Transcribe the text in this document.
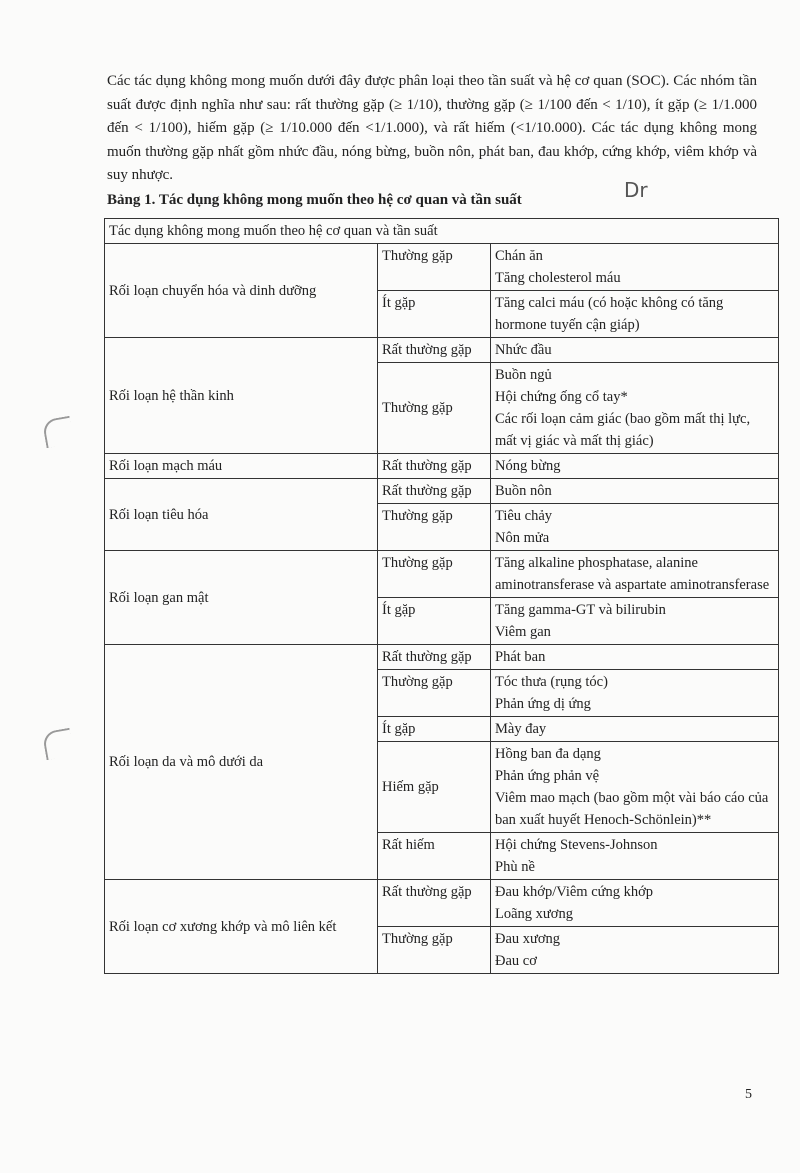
Các tác dụng không mong muốn dưới đây được phân loại theo tần suất và hệ cơ quan (SOC). Các nhóm tần suất được định nghĩa như sau: rất thường gặp (≥ 1/10), thường gặp (≥ 1/100 đến < 1/10), ít gặp (≥ 1/1.000 đến < 1/100), hiếm gặp (≥ 1/10.000 đến <1/1.000), và rất hiếm (<1/10.000). Các tác dụng không mong muốn thường gặp nhất gồm nhức đầu, nóng bừng, buồn nôn, phát ban, đau khớp, cứng khớp, viêm khớp và suy nhược.

Bảng 1. Tác dụng không mong muốn theo hệ cơ quan và tần suất	Dr
Tác dụng không mong muốn theo hệ cơ quan và tần suất		
Rối loạn chuyển hóa và dinh dưỡng	Thường gặp	Chán ăn
Tăng cholesterol máu

	Ít gặp	Tăng calci máu (có hoặc không có tăng hormone tuyến cận giáp)

Rối loạn hệ thần kinh	Rất thường gặp	Nhức đầu

	Thường gặp	Buồn ngủ
Hội chứng ống cổ tay*
Các rối loạn cảm giác (bao gồm mất thị lực, mất vị giác và mất thị giác)

Rối loạn mạch máu	Rất thường gặp	Nóng bừng

Rối loạn tiêu hóa	Rất thường gặp	Buồn nôn

	Thường gặp	Tiêu chảy
Nôn mửa

Rối loạn gan mật	Thường gặp	Tăng alkaline phosphatase, alanine aminotransferase và aspartate aminotransferase

	Ít gặp	Tăng gamma-GT và bilirubin
Viêm gan

Rối loạn da và mô dưới da	Rất thường gặp	Phát ban

	Thường gặp	Tóc thưa (rụng tóc)
Phản ứng dị ứng

	Ít gặp	Mày đay

	Hiếm gặp	Hồng ban đa dạng
Phản ứng phản vệ
Viêm mao mạch (bao gồm một vài báo cáo của ban xuất huyết Henoch-Schönlein)**

	Rất hiếm	Hội chứng Stevens-Johnson
Phù nề

Rối loạn cơ xương khớp và mô liên kết	Rất thường gặp	Đau khớp/Viêm cứng khớp
Loãng xương

	Thường gặp	Đau xương
Đau cơ
5
